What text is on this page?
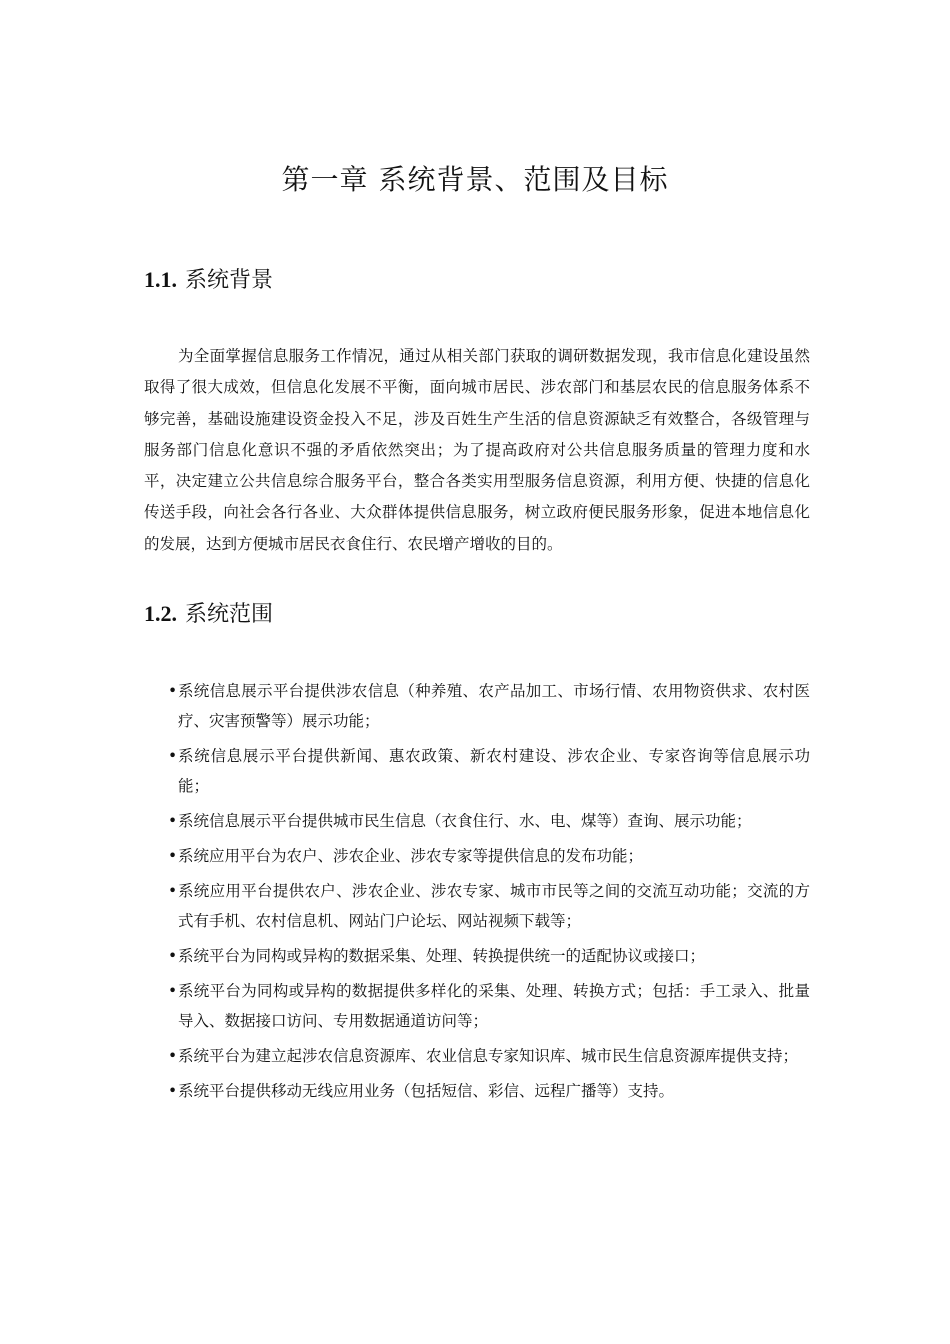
第一章 系统背景、范围及目标
1.1. 系统背景

为全面掌握信息服务工作情况，通过从相关部门获取的调研数据发现，我市信息化建设虽然取得了很大成效，但信息化发展不平衡，面向城市居民、涉农部门和基层农民的信息服务体系不够完善，基础设施建设资金投入不足，涉及百姓生产生活的信息资源缺乏有效整合，各级管理与服务部门信息化意识不强的矛盾依然突出；为了提高政府对公共信息服务质量的管理力度和水平，决定建立公共信息综合服务平台，整合各类实用型服务信息资源，利用方便、快捷的信息化传送手段，向社会各行各业、大众群体提供信息服务，树立政府便民服务形象，促进本地信息化的发展，达到方便城市居民衣食住行、农民增产增收的目的。

1.2. 系统范围
• 系统信息展示平台提供涉农信息（种养殖、农产品加工、市场行情、农用物资供求、农村医疗、灾害预警等）展示功能；
• 系统信息展示平台提供新闻、惠农政策、新农村建设、涉农企业、专家咨询等信息展示功能；
• 系统信息展示平台提供城市民生信息（衣食住行、水、电、煤等）查询、展示功能；
• 系统应用平台为农户、涉农企业、涉农专家等提供信息的发布功能；
• 系统应用平台提供农户、涉农企业、涉农专家、城市市民等之间的交流互动功能；交流的方式有手机、农村信息机、网站门户论坛、网站视频下载等；
• 系统平台为同构或异构的数据采集、处理、转换提供统一的适配协议或接口；
• 系统平台为同构或异构的数据提供多样化的采集、处理、转换方式；包括：手工录入、批量导入、数据接口访问、专用数据通道访问等；
• 系统平台为建立起涉农信息资源库、农业信息专家知识库、城市民生信息资源库提供支持；
• 系统平台提供移动无线应用业务（包括短信、彩信、远程广播等）支持。
